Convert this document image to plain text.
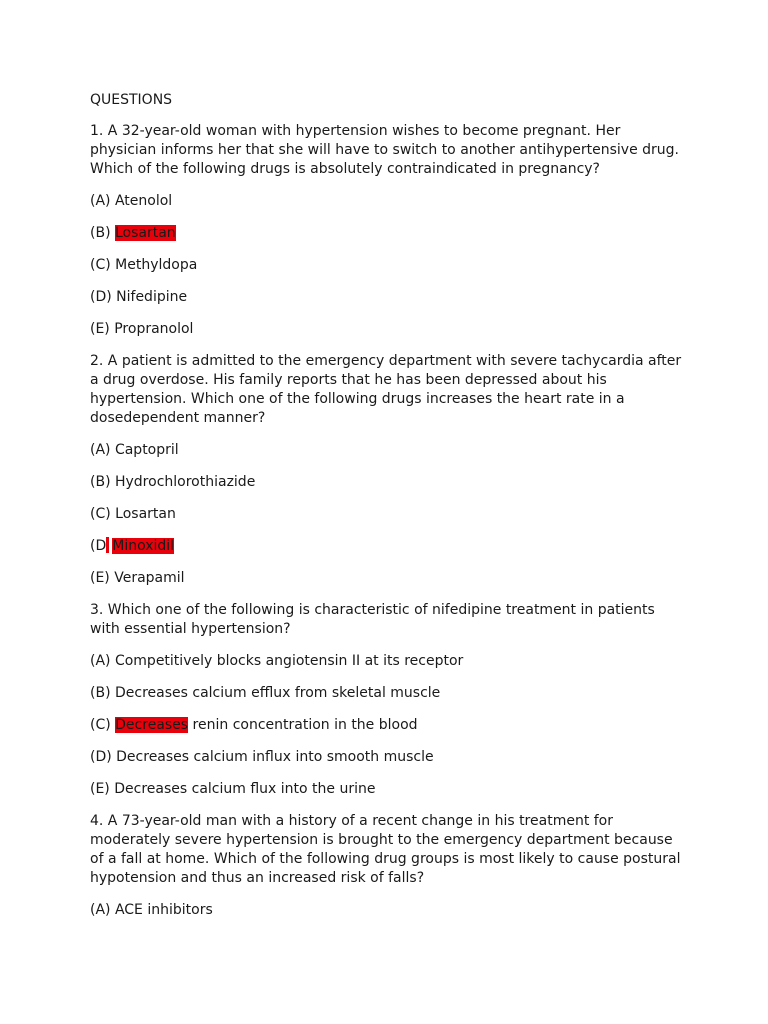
QUESTIONS

1. A 32-year-old woman with hypertension wishes to become pregnant. Her

physician informs her that she will have to switch to another antihypertensive drug.

Which of the following drugs is absolutely contraindicated in pregnancy?

(A) Atenolol

(B) Losartan

(C) Methyldopa

(D) Nifedipine

(E) Propranolol

2. A patient is admitted to the emergency department with severe tachycardia after

a drug overdose. His family reports that he has been depressed about his

hypertension. Which one of the following drugs increases the heart rate in a

dosedependent manner?

(A) Captopril

(B) Hydrochlorothiazide

(C) Losartan

(D Minoxidil

(E) Verapamil

3. Which one of the following is characteristic of nifedipine treatment in patients

with essential hypertension?

(A) Competitively blocks angiotensin II at its receptor

(B) Decreases calcium efflux from skeletal muscle

(C) Decreases renin concentration in the blood

(D) Decreases calcium influx into smooth muscle

(E) Decreases calcium flux into the urine

4. A 73-year-old man with a history of a recent change in his treatment for

moderately severe hypertension is brought to the emergency department because

of a fall at home. Which of the following drug groups is most likely to cause postural

hypotension and thus an increased risk of falls?

(A) ACE inhibitors
